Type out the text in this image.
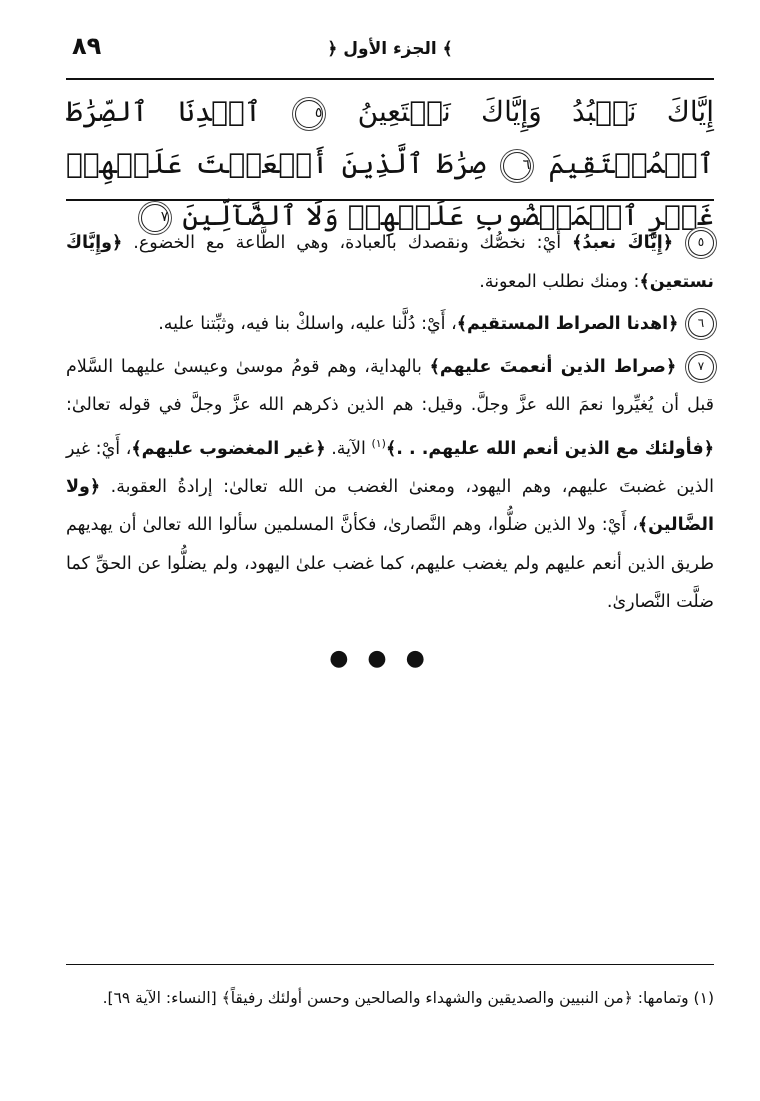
٨٩	﴿ الجزء الأول ﴾
إِيَّاكَ نَعۡبُدُ وَإِيَّاكَ نَسۡتَعِينُ ٥ ٱهۡدِنَا ٱلصِّرَٰطَ ٱلۡمُسۡتَقِيمَ ٦ صِرَٰطَ ٱلَّذِينَ أَنۡعَمۡتَ عَلَيۡهِمۡ غَيۡرِ ٱلۡمَغۡضُوبِ عَلَيۡهِمۡ وَلَا ٱلضَّآلِّينَ ٧

٥ ﴿إِيَّاكَ نعبدُ﴾ أَيْ: نخصُّك ونقصدك بالعبادة، وهي الطَّاعة مع الخضوع. ﴿وإِيَّاكَ نستعين﴾: ومنك نطلب المعونة.

٦ ﴿اهدنا الصراط المستقيم﴾، أَيْ: دُلَّنا عليه، واسلكْ بنا فيه، وثبِّتنا عليه.

٧ ﴿صراط الذين أنعمتَ عليهم﴾ بالهداية، وهم قومُ موسىٰ وعيسىٰ عليهما السَّلام قبل أن يُغيِّروا نعمَ الله عزَّ وجلَّ. وقيل: هم الذين ذكرهم الله عزَّ وجلَّ في قوله تعالىٰ: ﴿فأولئك مع الذين أنعم الله عليهم. . .﴾$^{(١)}$ الآية. ﴿غير المغضوب عليهم﴾، أَيْ: غير الذين غضبتَ عليهم، وهم اليهود، ومعنىٰ الغضب من الله تعالىٰ: إرادةُ العقوبة. ﴿ولا الضَّالين﴾، أَيْ: ولا الذين ضلُّوا، وهم النَّصارىٰ، فكأنَّ المسلمين سألوا الله تعالىٰ أن يهديهم طريق الذين أنعم عليهم ولم يغضب عليهم، كما غضب علىٰ اليهود، ولم يضلُّوا عن الحقِّ كما ضلَّت النَّصارىٰ.

● ● ●
(١) وتمامها: ﴿من النبيين والصديقين والشهداء والصالحين وحسن أولئك رفيقاً﴾ [النساء: الآية ٦٩].
